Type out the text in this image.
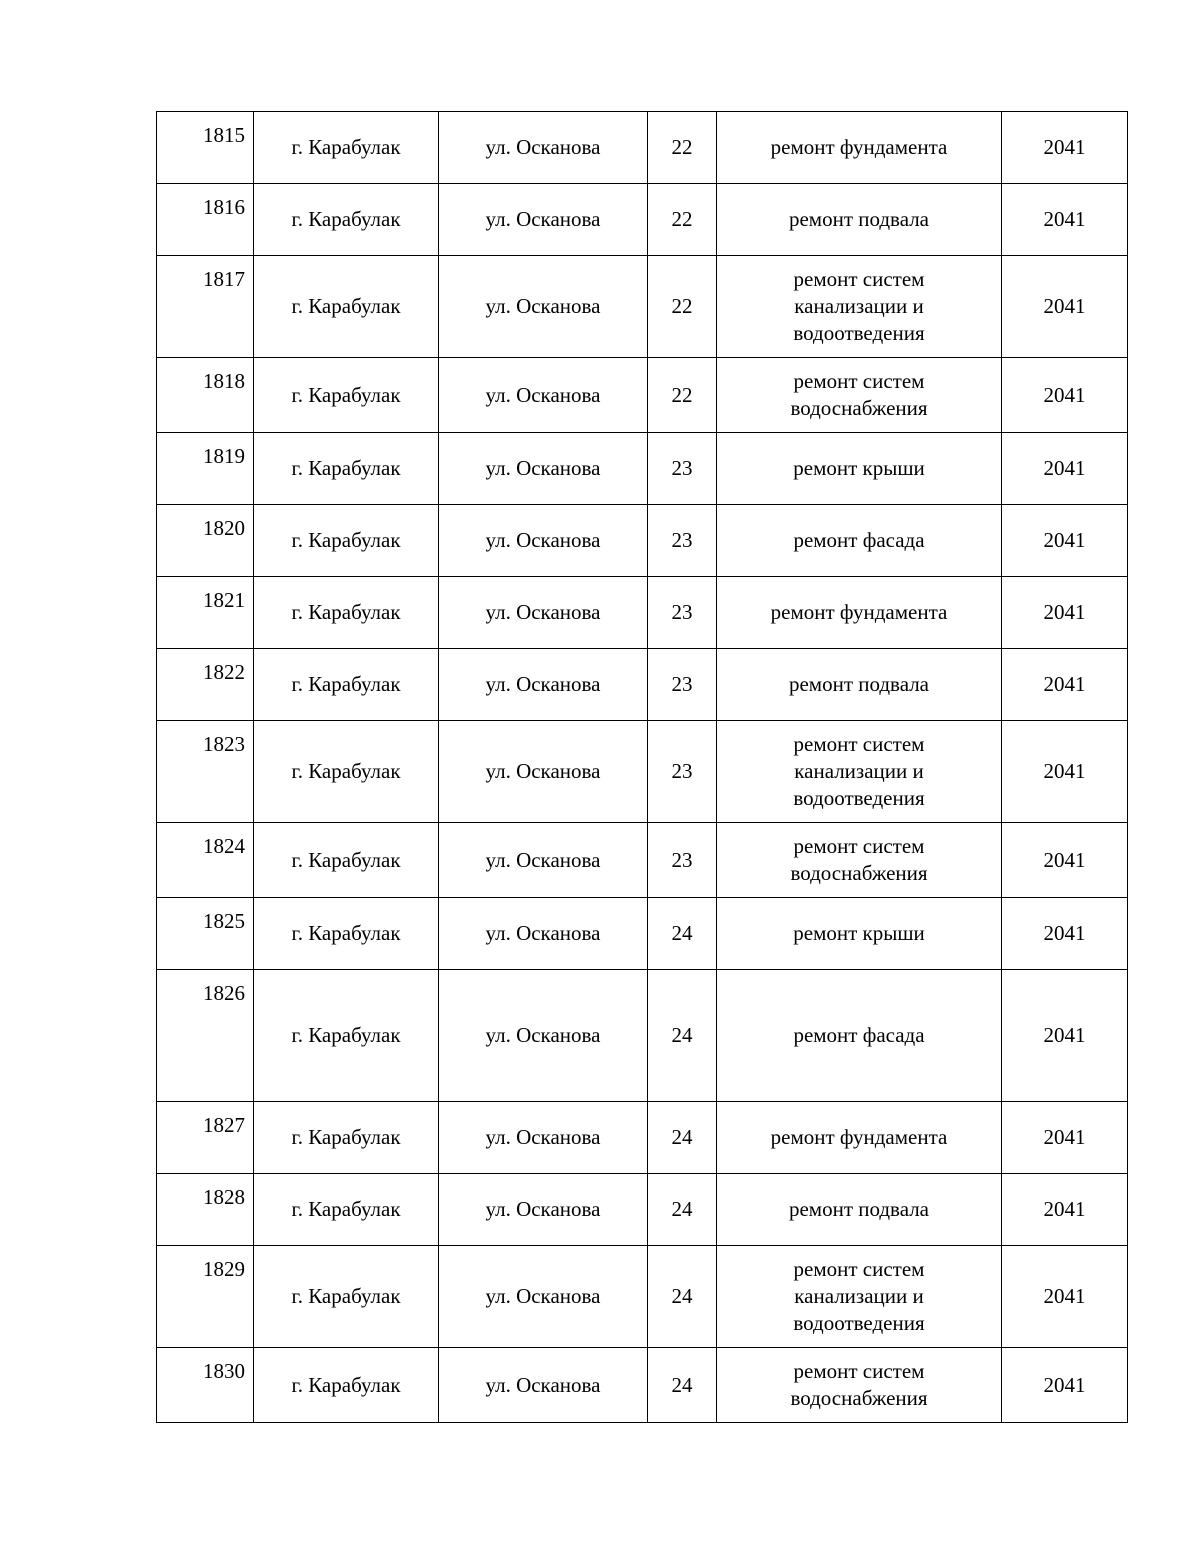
1815	г. Карабулак	ул. Осканова	22	ремонт фундамента	2041
1816	г. Карабулак	ул. Осканова	22	ремонт подвала	2041
1817	г. Карабулак	ул. Осканова	22	ремонт систем
канализации и
водоотведения	2041
1818	г. Карабулак	ул. Осканова	22	ремонт систем
водоснабжения	2041
1819	г. Карабулак	ул. Осканова	23	ремонт крыши	2041
1820	г. Карабулак	ул. Осканова	23	ремонт фасада	2041
1821	г. Карабулак	ул. Осканова	23	ремонт фундамента	2041
1822	г. Карабулак	ул. Осканова	23	ремонт подвала	2041
1823	г. Карабулак	ул. Осканова	23	ремонт систем
канализации и
водоотведения	2041
1824	г. Карабулак	ул. Осканова	23	ремонт систем
водоснабжения	2041
1825	г. Карабулак	ул. Осканова	24	ремонт крыши	2041
1826	г. Карабулак	ул. Осканова	24	ремонт фасада	2041
1827	г. Карабулак	ул. Осканова	24	ремонт фундамента	2041
1828	г. Карабулак	ул. Осканова	24	ремонт подвала	2041
1829	г. Карабулак	ул. Осканова	24	ремонт систем
канализации и
водоотведения	2041
1830	г. Карабулак	ул. Осканова	24	ремонт систем
водоснабжения	2041
